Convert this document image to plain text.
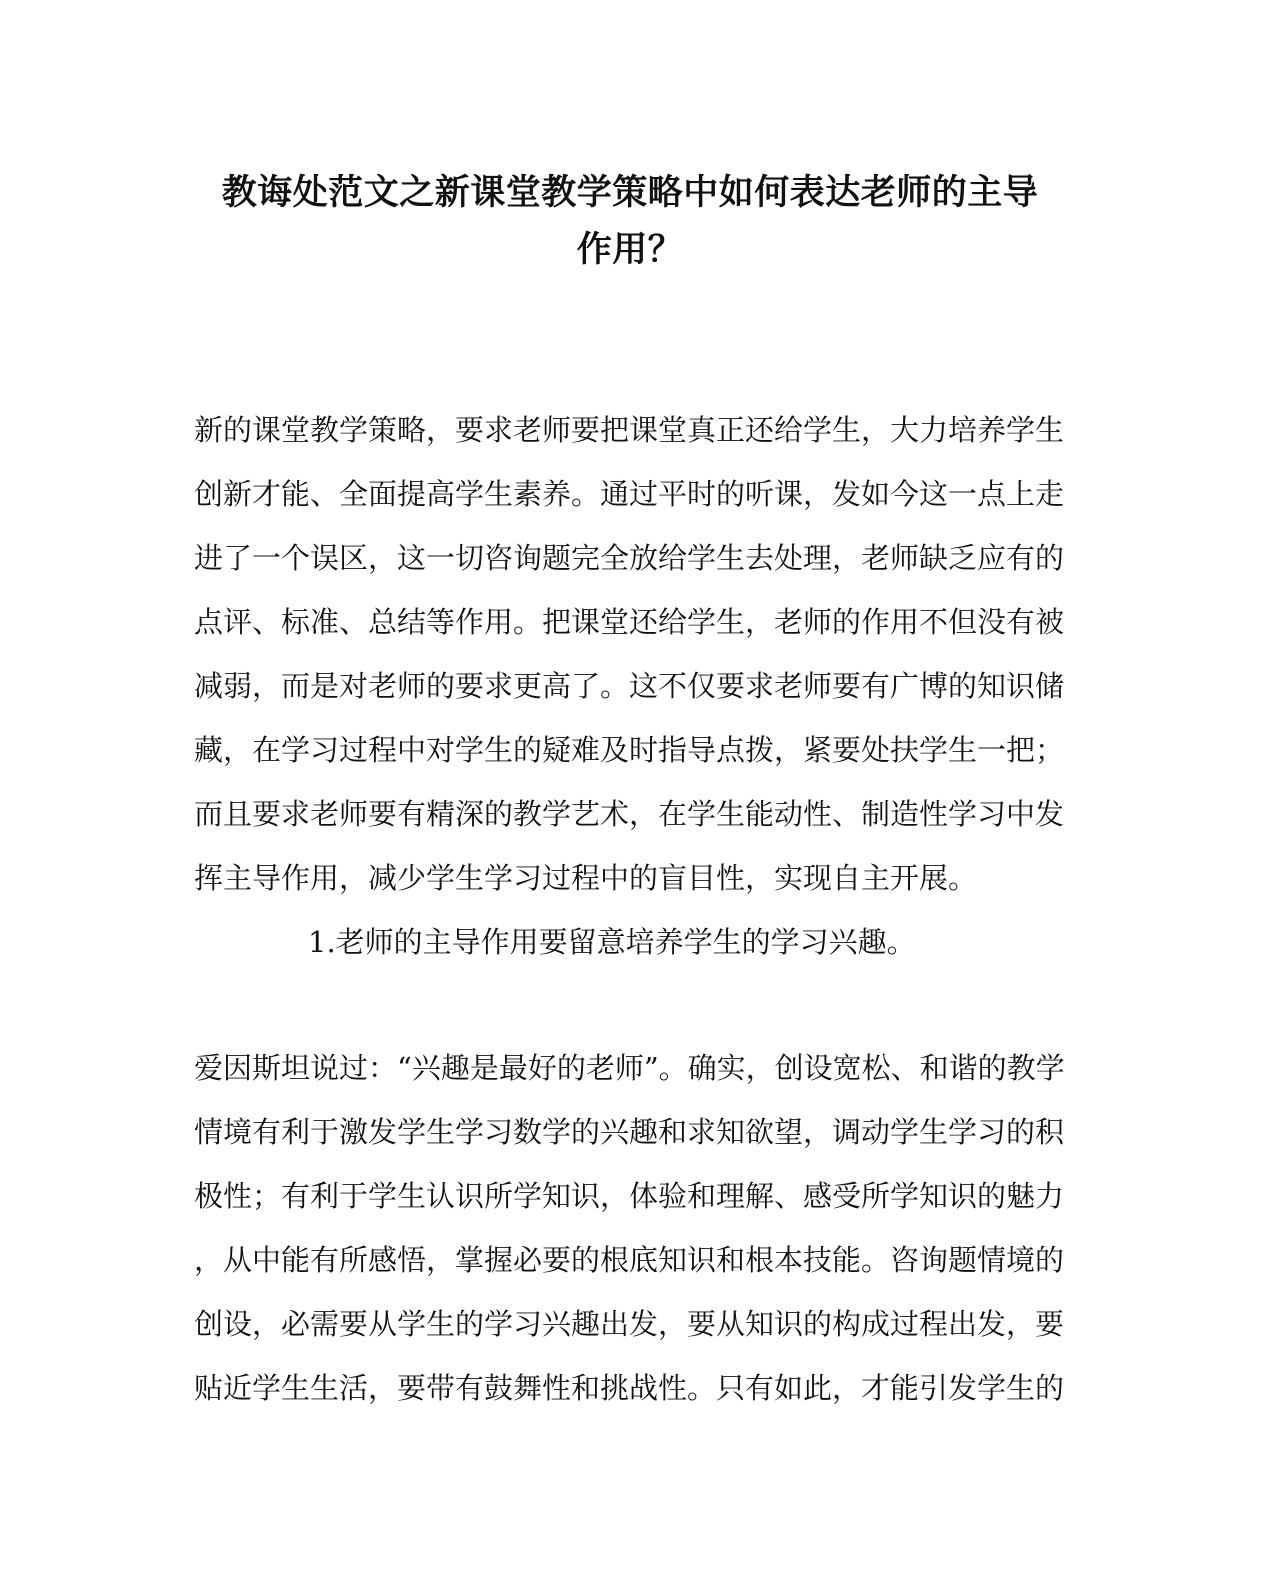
教诲处范文之新课堂教学策略中如何表达老师的主导
作用？
新的课堂教学策略，要求老师要把课堂真正还给学生，大力培养学生
创新才能、全面提高学生素养。通过平时的听课，发如今这一点上走
进了一个误区，这一切咨询题完全放给学生去处理，老师缺乏应有的
点评、标准、总结等作用。把课堂还给学生，老师的作用不但没有被
减弱，而是对老师的要求更高了。这不仅要求老师要有广博的知识储
藏，在学习过程中对学生的疑难及时指导点拨，紧要处扶学生一把；
而且要求老师要有精深的教学艺术，在学生能动性、制造性学习中发
挥主导作用，减少学生学习过程中的盲目性，实现自主开展。
1.老师的主导作用要留意培养学生的学习兴趣。
爱因斯坦说过：“兴趣是最好的老师”。确实，创设宽松、和谐的教学
情境有利于激发学生学习数学的兴趣和求知欲望，调动学生学习的积
极性；有利于学生认识所学知识，体验和理解、感受所学知识的魅力
，从中能有所感悟，掌握必要的根底知识和根本技能。咨询题情境的
创设，必需要从学生的学习兴趣出发，要从知识的构成过程出发，要
贴近学生生活，要带有鼓舞性和挑战性。只有如此，才能引发学生的
